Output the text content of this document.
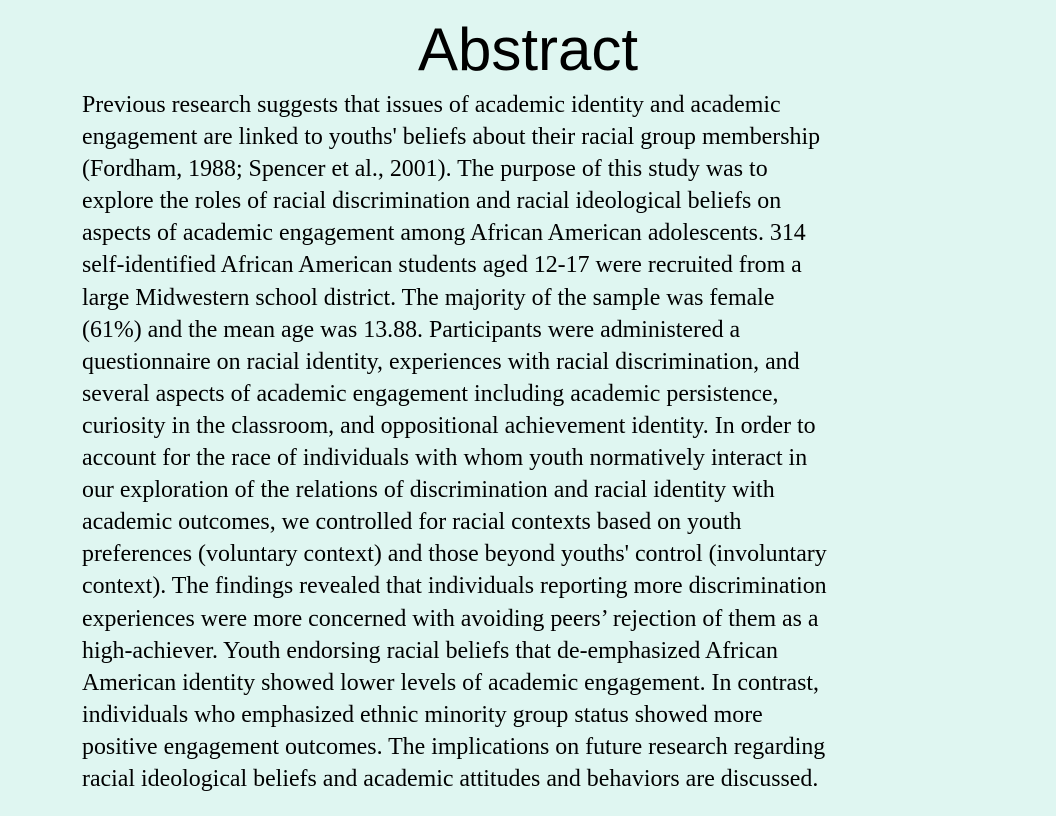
Abstract
Previous research suggests that issues of academic identity and academic
engagement are linked to youths' beliefs about their racial group membership
(Fordham, 1988; Spencer et al., 2001). The purpose of this study was to
explore the roles of racial discrimination and racial ideological beliefs on
aspects of academic engagement among African American adolescents. 314
self-identified African American students aged 12-17 were recruited from a
large Midwestern school district. The majority of the sample was female
(61%) and the mean age was 13.88. Participants were administered a
questionnaire on racial identity, experiences with racial discrimination, and
several aspects of academic engagement including academic persistence,
curiosity in the classroom, and oppositional achievement identity. In order to
account for the race of individuals with whom youth normatively interact in
our exploration of the relations of discrimination and racial identity with
academic outcomes, we controlled for racial contexts based on youth
preferences (voluntary context) and those beyond youths' control (involuntary
context). The findings revealed that individuals reporting more discrimination
experiences were more concerned with avoiding peers’ rejection of them as a
high-achiever. Youth endorsing racial beliefs that de-emphasized African
American identity showed lower levels of academic engagement. In contrast,
individuals who emphasized ethnic minority group status showed more
positive engagement outcomes. The implications on future research regarding
racial ideological beliefs and academic attitudes and behaviors are discussed.
